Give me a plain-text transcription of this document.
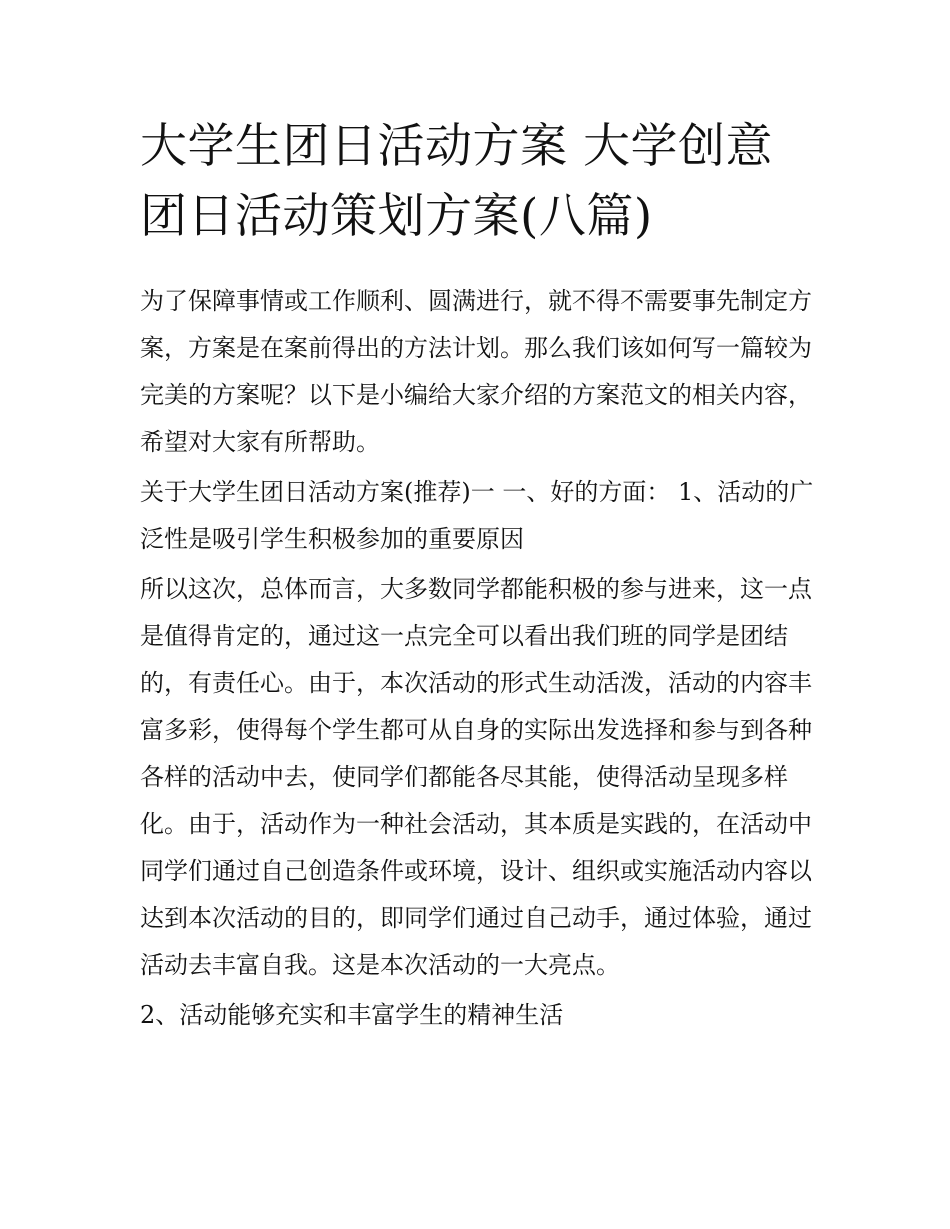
大学生团日活动方案 大学创意团日活动策划方案(八篇)

为了保障事情或工作顺利、圆满进行，就不得不需要事先制定方案，方案是在案前得出的方法计划。那么我们该如何写一篇较为完美的方案呢？以下是小编给大家介绍的方案范文的相关内容，希望对大家有所帮助。

关于大学生团日活动方案(推荐)一 一、好的方面： 1、活动的广泛性是吸引学生积极参加的重要原因

所以这次，总体而言，大多数同学都能积极的参与进来，这一点是值得肯定的，通过这一点完全可以看出我们班的同学是团结的，有责任心。由于，本次活动的形式生动活泼，活动的内容丰富多彩，使得每个学生都可从自身的实际出发选择和参与到各种各样的活动中去，使同学们都能各尽其能，使得活动呈现多样化。由于，活动作为一种社会活动，其本质是实践的，在活动中同学们通过自己创造条件或环境，设计、组织或实施活动内容以达到本次活动的目的，即同学们通过自己动手，通过体验，通过活动去丰富自我。这是本次活动的一大亮点。

2、活动能够充实和丰富学生的精神生活
